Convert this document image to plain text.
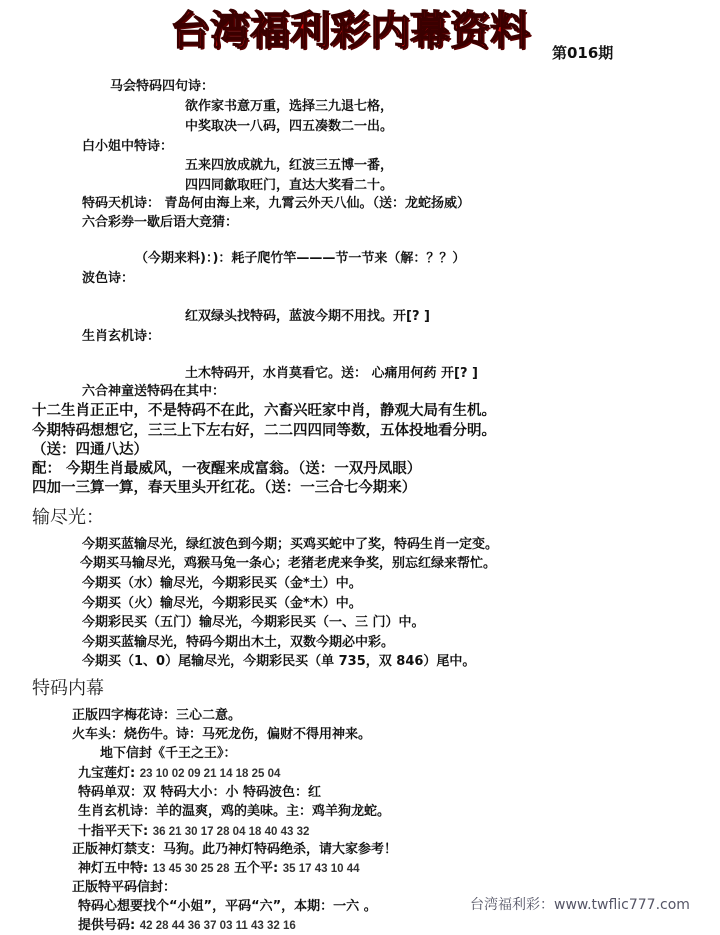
台湾福利彩内幕资料 第016期
马会特码四句诗：
欲作家书意万重，选择三九退七格，
中奖取决一八码，四五凑数二一出。
白小姐中特诗：
五来四放成就九，红波三五博一番，
四四同歙取旺门，直达大奖看二十。
特码天机诗： 青岛何由海上来，九霄云外天八仙。（送：龙蛇扬威）
六合彩券一歇后语大竞猜：
（今期来料)：)：耗子爬竹竿———节一节来（解：？？）
波色诗：
红双绿头找特码，蓝波今期不用找。开[? ]
生肖玄机诗：
土木特码开，水肖莫看它。送： 心痛用何药 开[? ]
六合神童送特码在其中：
十二生肖正正中，不是特码不在此，六畜兴旺家中肖，静观大局有生机。
今期特码想想它，三三上下左右好，二二四四同等数，五体投地看分明。
（送：四通八达）
配： 今期生肖最威风，一夜醒来成富翁。（送：一双丹凤眼）
四加一三算一算，春天里头开红花。（送：一三合七今期来）
输尽光：
今期买蓝输尽光，绿红波色到今期；买鸡买蛇中了奖，特码生肖一定变。
今期买马输尽光，鸡猴马兔一条心；老猪老虎来争奖，别忘红绿来帮忙。
今期买（水）输尽光，今期彩民买（金*土）中。
今期买（火）输尽光，今期彩民买（金*木）中。
今期彩民买（五门）输尽光，今期彩民买（一、三 门）中。
今期买蓝输尽光，特码今期出木土，双数今期必中彩。
今期买（1、0）尾输尽光，今期彩民买（单 735，双 846）尾中。
特码内幕
正版四字梅花诗：三心二意。
火车头：烧伤牛。诗：马死龙伤，偏财不得用神来。
地下信封《千王之王》：
九宝莲灯: 23 10 02 09 21 14 18 25 04
特码单双：双 特码大小：小 特码波色：红
生肖玄机诗：羊的温爽，鸡的美味。主：鸡羊狗龙蛇。
十指平天下: 36 21 30 17 28 04 18 40 43 32
正版神灯禁支：马狗。此乃神灯特码绝杀，请大家参考！
神灯五中特: 13 45 30 25 28 五个平: 35 17 43 10 44
正版特平码信封：
特码心想要找个“小姐”，平码“六”，本期：一六 。
提供号码: 42 28 44 36 37 03 11 43 32 16
台湾福利彩：www.twflic777.com
